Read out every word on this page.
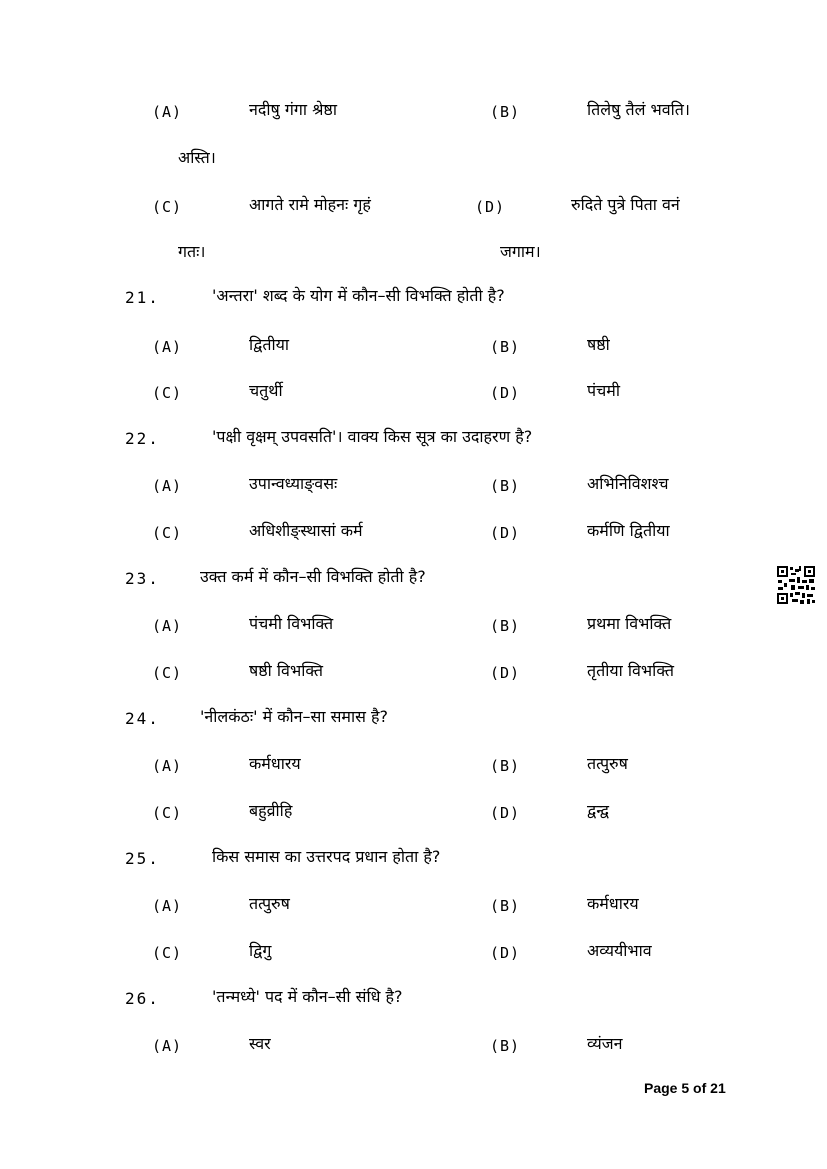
(A)	नदीषु गंगा श्रेष्ठा	(B)	तिलेषु तैलं भवति।
अस्ति।
(C)	आगते रामे मोहनः गृहं	(D)	रुदिते पुत्रे पिता वनं
गतः।	जगाम।
21.	'अन्तरा' शब्द के योग में कौन–सी विभक्ति होती है?
(A)	द्वितीया	(B)	षष्ठी
(C)	चतुर्थी	(D)	पंचमी
22.	'पक्षी वृक्षम् उपवसति'। वाक्य किस सूत्र का उदाहरण है?
(A)	उपान्वध्याङ्वसः	(B)	अभिनिविशश्च
(C)	अधिशीङ्स्थासां कर्म	(D)	कर्मणि द्वितीया
23.	उक्त कर्म में कौन–सी विभक्ति होती है?
(A)	पंचमी विभक्ति	(B)	प्रथमा विभक्ति
(C)	षष्ठी विभक्ति	(D)	तृतीया विभक्ति
24.	'नीलकंठः' में कौन–सा समास है?
(A)	कर्मधारय	(B)	तत्पुरुष
(C)	बहुव्रीहि	(D)	द्वन्द्व
25.	किस समास का उत्तरपद प्रधान होता है?
(A)	तत्पुरुष	(B)	कर्मधारय
(C)	द्विगु	(D)	अव्ययीभाव
26.	'तन्मध्ये' पद में कौन–सी संधि है?
(A)	स्वर	(B)	व्यंजन
Page 5 of 21
